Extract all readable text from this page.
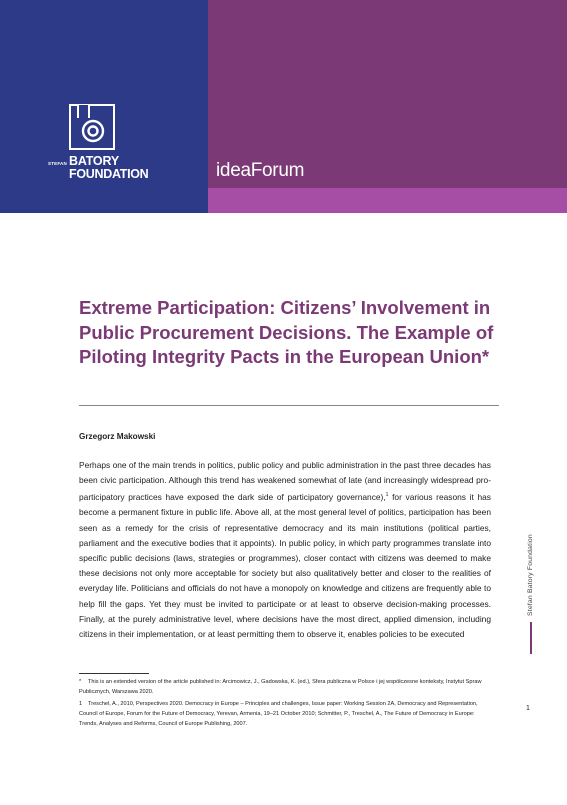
STEFAN BATORY
FOUNDATION	ideaForum
Extreme Participation: Citizens’ Involvement in Public Procurement Decisions. The Example of Piloting Integrity Pacts in the European Union*
Grzegorz Makowski

Perhaps one of the main trends in politics, public policy and public administration in the past three decades has been civic participation. Although this trend has weakened somewhat of late (and increasingly widespread pro-participatory practices have exposed the dark side of participatory governance),$^1$ for various reasons it has become a permanent fixture in public life. Above all, at the most general level of politics, participation has been seen as a remedy for the crisis of representative democracy and its main institutions (political parties, parliament and the executive bodies that it appoints). In public policy, in which party programmes translate into specific public decisions (laws, strategies or programmes), closer contact with citizens was deemed to make these decisions not only more acceptable for society but also qualitatively better and closer to the realities of everyday life. Politicians and officials do not have a monopoly on knowledge and citizens are frequently able to help fill the gaps. Yet they must be invited to participate or at least to observe decision-making processes. Finally, at the purely administrative level, where decisions have the most direct, applied dimension, including citizens in their implementation, or at least permitting them to observe it, enables policies to be executed

Stefan Batory Foundation

* This is an extended version of the article published in: Arcimowicz, J., Gadowska, K. (ed.), Sfera publiczna w Polsce i jej współczesne konteksty, Instytut Spraw Publicznych, Warszawa 2020.

1 Treschel, A., 2010, Perspectives 2020. Democracy in Europe – Principles and challenges, Issue paper: Working Session 2A, Democracy and Representation, Council of Europe, Forum for the Future of Democracy, Yerevan, Armenia, 19–21 October 2010; Schmitter, P., Treschel, A., The Future of Democracy in Europe: Trends, Analyses and Reforms, Council of Europe Publishing, 2007.

1
